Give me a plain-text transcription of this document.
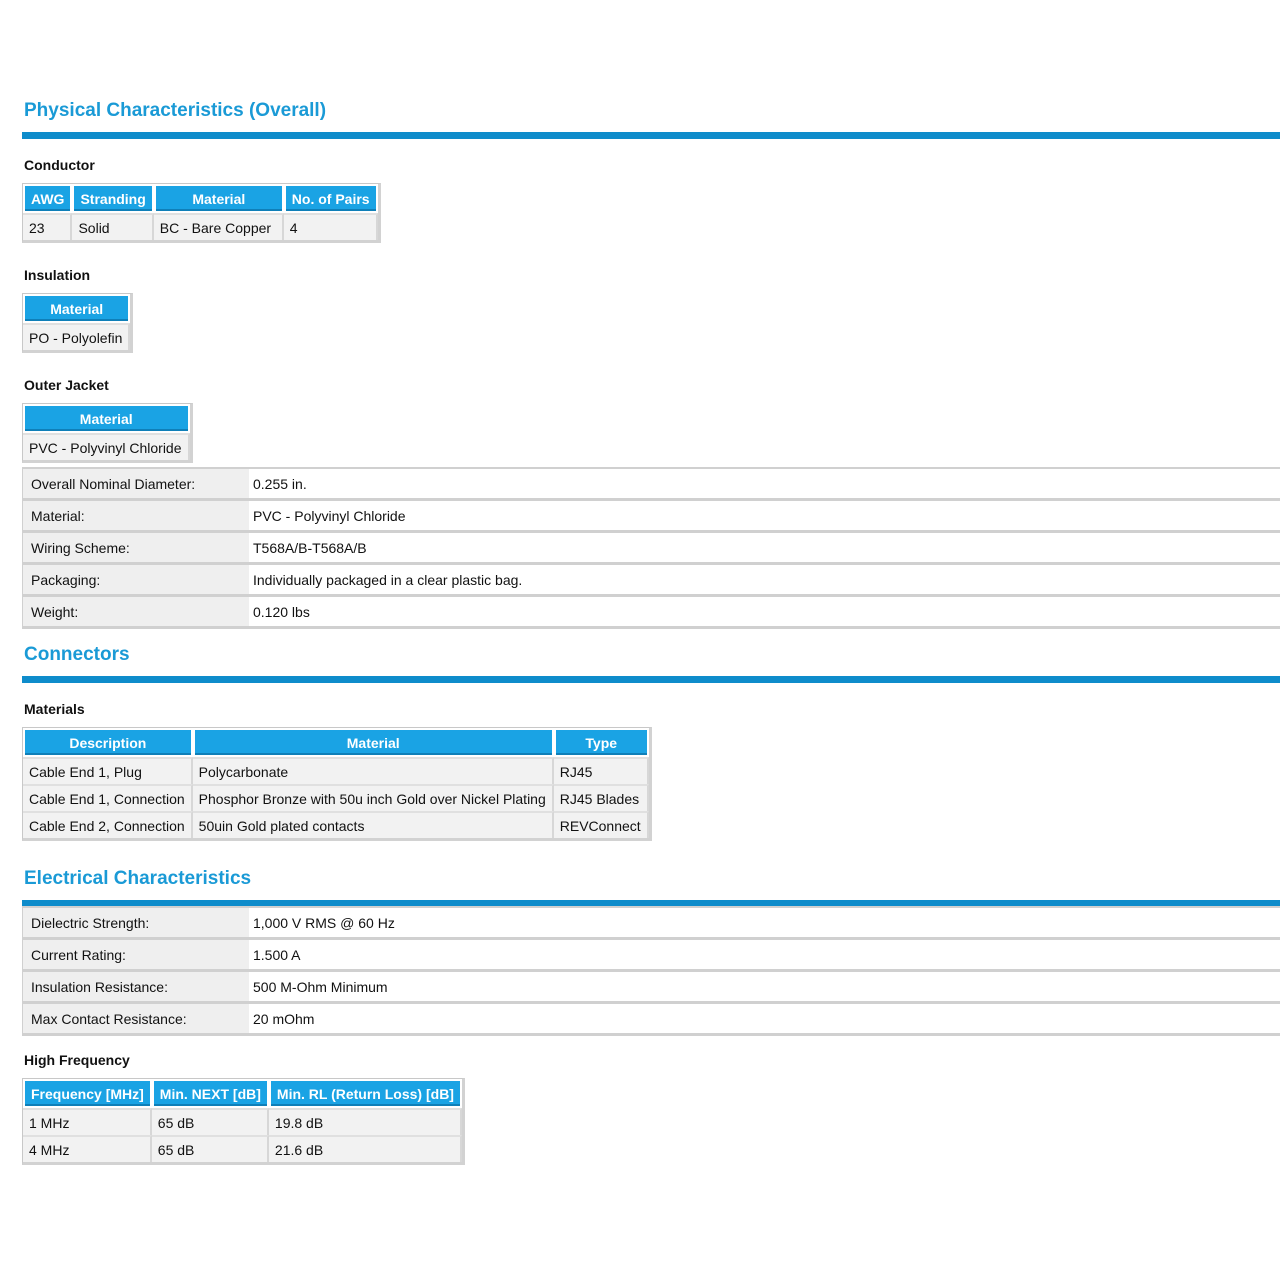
Physical Characteristics (Overall)
Conductor
AWG	Stranding	Material	No. of Pairs
23	Solid	BC - Bare Copper	4
Insulation
Material
PO - Polyolefin
Outer Jacket
Material
PVC - Polyvinyl Chloride
Overall Nominal Diameter:	0.255 in.
Material:	PVC - Polyvinyl Chloride
Wiring Scheme:	T568A/B-T568A/B
Packaging:	Individually packaged in a clear plastic bag.
Weight:	0.120 lbs
Connectors
Materials
Description	Material	Type
Cable End 1, Plug	Polycarbonate	RJ45
Cable End 1, Connection	Phosphor Bronze with 50u inch Gold over Nickel Plating	RJ45 Blades
Cable End 2, Connection	50uin Gold plated contacts	REVConnect
Electrical Characteristics
Dielectric Strength:	1,000 V RMS @ 60 Hz
Current Rating:	1.500 A
Insulation Resistance:	500 M-Ohm Minimum
Max Contact Resistance:	20 mOhm
High Frequency
Frequency [MHz]	Min. NEXT [dB]	Min. RL (Return Loss) [dB]
1 MHz	65 dB	19.8 dB
4 MHz	65 dB	21.6 dB
